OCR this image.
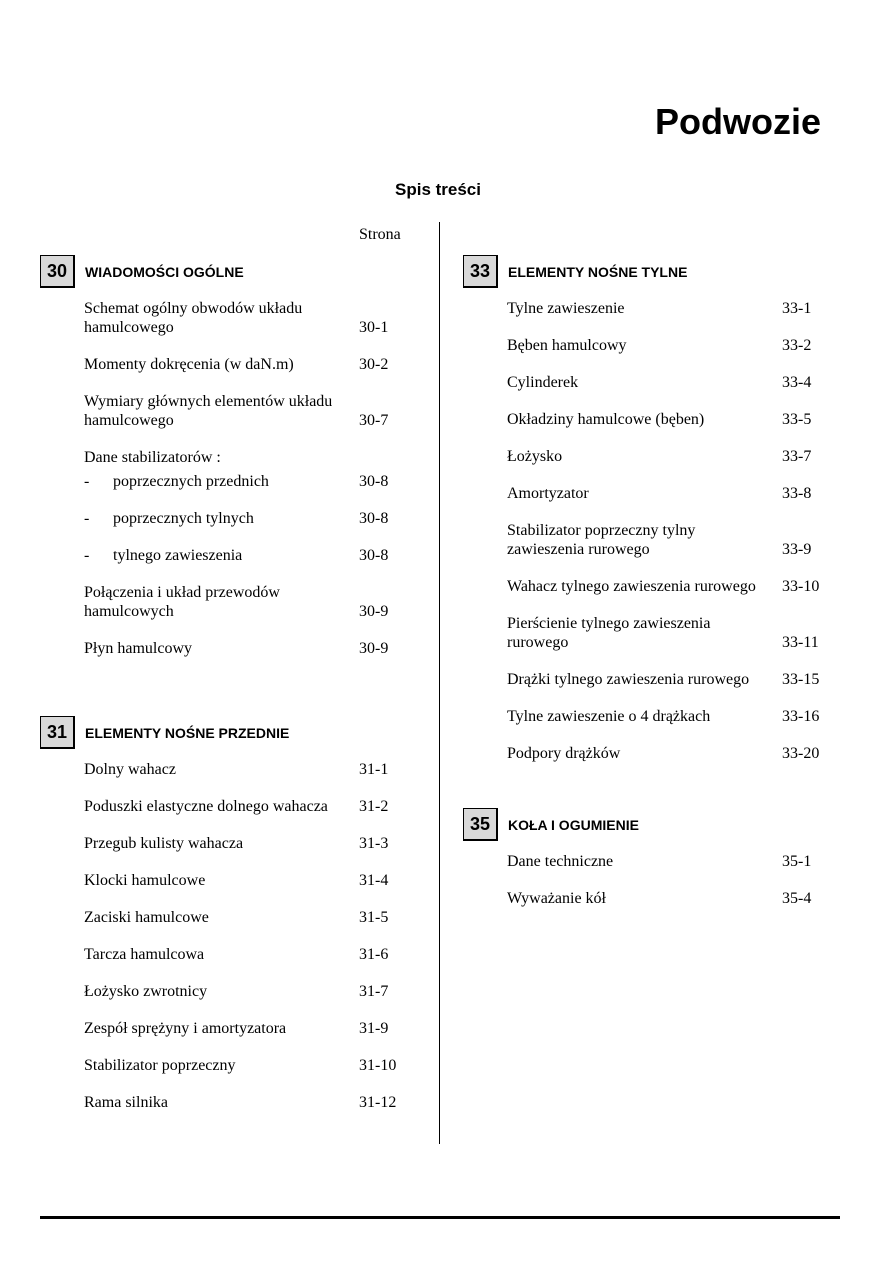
Podwozie
Spis treści
Strona
30	WIADOMOŚCI OGÓLNE
Schemat ogólny obwodów układu hamulcowego	30-1
Momenty dokręcenia (w daN.m)	30-2
Wymiary głównych elementów układu hamulcowego	30-7
Dane stabilizatorów :
- poprzecznych przednich	30-8
- poprzecznych tylnych	30-8
- tylnego zawieszenia	30-8
Połączenia i układ przewodów hamulcowych	30-9
Płyn hamulcowy	30-9
31	ELEMENTY NOŚNE PRZEDNIE
Dolny wahacz	31-1
Poduszki elastyczne dolnego wahacza	31-2
Przegub kulisty wahacza	31-3
Klocki hamulcowe	31-4
Zaciski hamulcowe	31-5
Tarcza hamulcowa	31-6
Łożysko zwrotnicy	31-7
Zespół sprężyny i amortyzatora	31-9
Stabilizator poprzeczny	31-10
Rama silnika	31-12
33	ELEMENTY NOŚNE TYLNE
Tylne zawieszenie	33-1
Bęben hamulcowy	33-2
Cylinderek	33-4
Okładziny hamulcowe (bęben)	33-5
Łożysko	33-7
Amortyzator	33-8
Stabilizator poprzeczny tylny zawieszenia rurowego	33-9
Wahacz tylnego zawieszenia rurowego 33-10
Pierścienie tylnego zawieszenia rurowego	33-11
Drążki tylnego zawieszenia rurowego	33-15
Tylne zawieszenie o 4 drążkach	33-16
Podpory drążków	33-20
35	KOŁA I OGUMIENIE
Dane techniczne	35-1
Wyważanie kół	35-4
